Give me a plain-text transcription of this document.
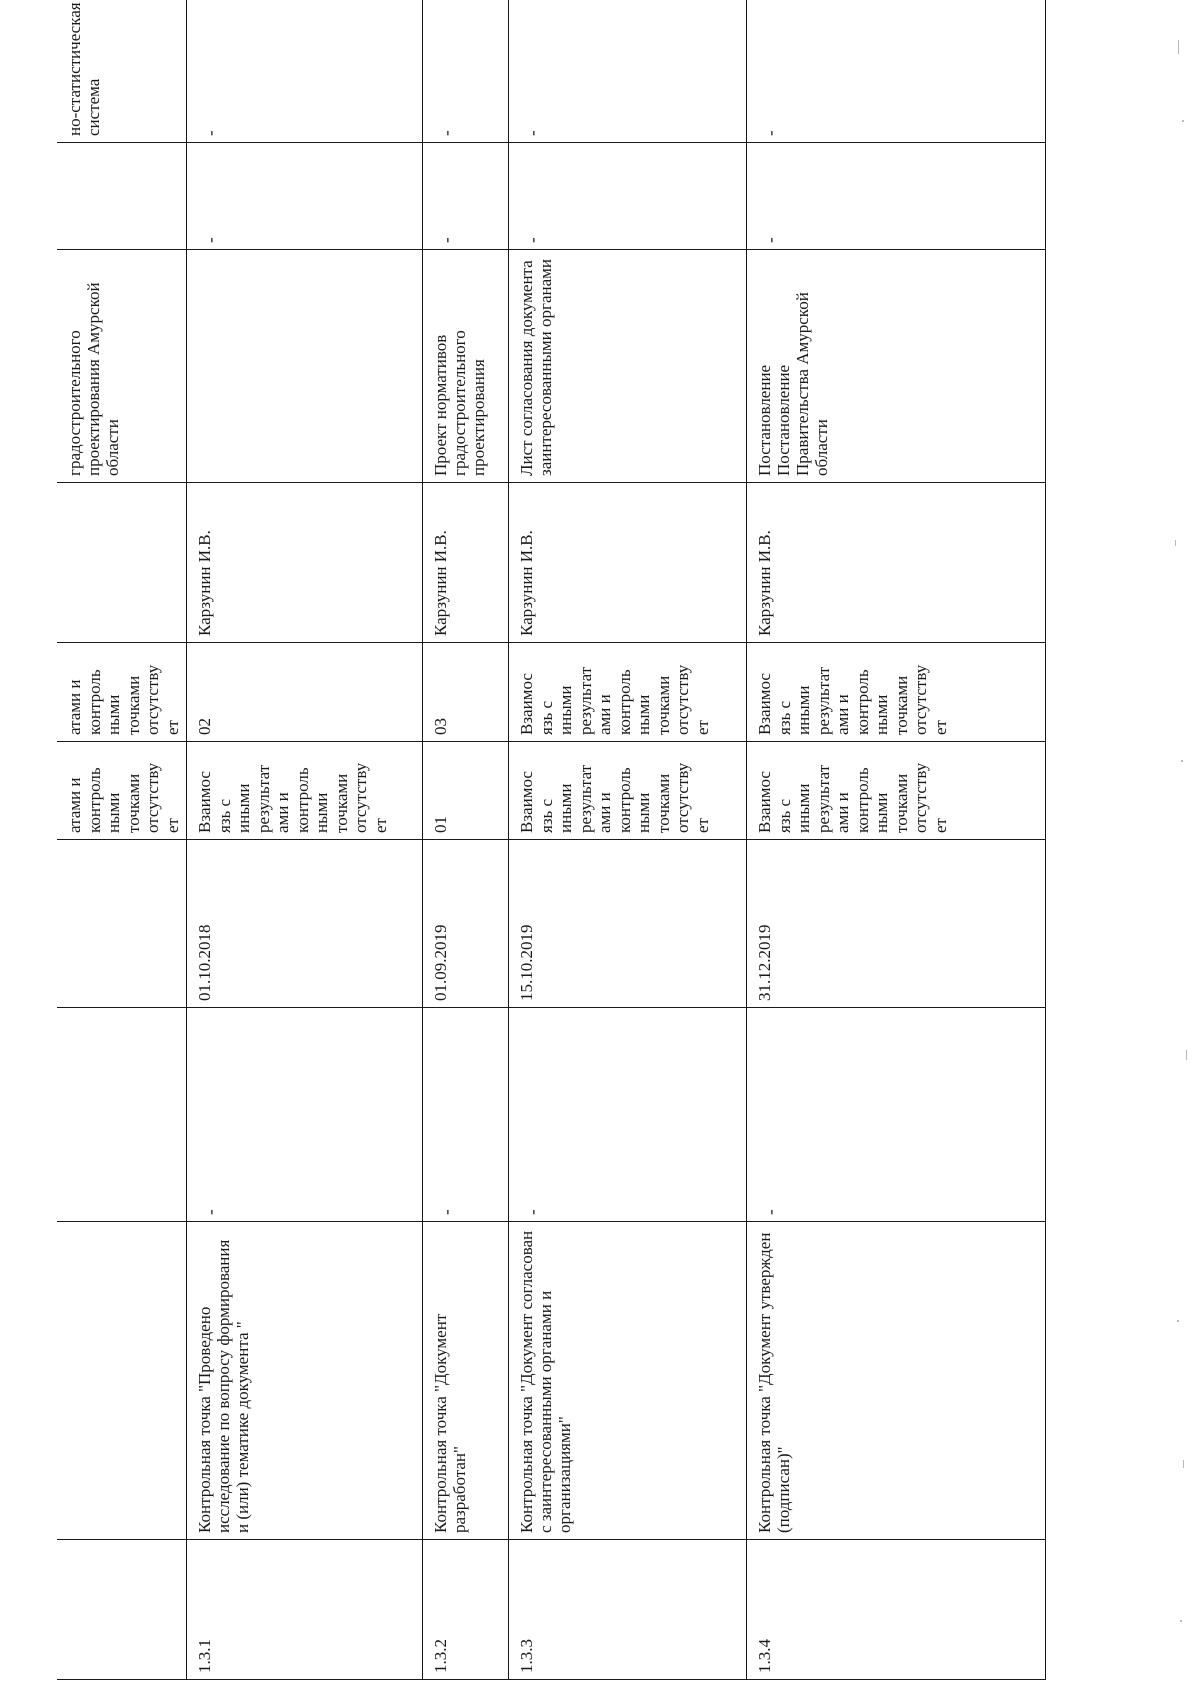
				атами и контроль ными точками отсутству ет	атами и контроль ными точками отсутству ет		градостроительного проектирования Амурской области		но-статистическая система
1.3.1	Контрольная точка "Проведено исследование по вопросу формирования и (или) тематике документа "	-	01.10.2018	Взаимос язь с иными результат ами и контроль ными точками отсутству ет	02	Карзунин И.В.		-	-

1.3.2	Контрольная точка "Документ разработан"	-	01.09.2019	01	03	Карзунин И.В.	Проект нормативов градостроительного проектирования	-	-

1.3.3	Контрольная точка "Документ согласован с заинтересованными органами и организациями"	-	15.10.2019	Взаимос язь с иными результат ами и контроль ными точками отсутству ет	Взаимос язь с иными результат ами и контроль ными точками отсутству ет	Карзунин И.В.	Лист согласования документа заинтересованными органами	-	-

1.3.4	Контрольная точка "Документ утвержден (подписан)"	-	31.12.2019	Взаимос язь с иными результат ами и контроль ными точками отсутству ет	Взаимос язь с иными результат ами и контроль ными точками отсутству ет	Карзунин И.В.	Постановление Постановление Правительства Амурской области	-	-
